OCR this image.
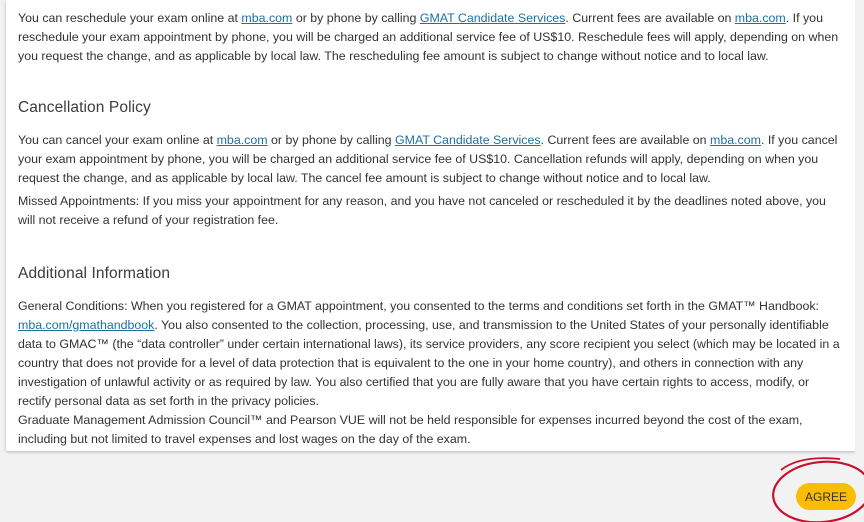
You can reschedule your exam online at mba.com or by phone by calling GMAT Candidate Services. Current fees are available on mba.com. If you reschedule your exam appointment by phone, you will be charged an additional service fee of US$10. Reschedule fees will apply, depending on when you request the change, and as applicable by local law. The rescheduling fee amount is subject to change without notice and to local law.

Cancellation Policy

You can cancel your exam online at mba.com or by phone by calling GMAT Candidate Services. Current fees are available on mba.com. If you cancel your exam appointment by phone, you will be charged an additional service fee of US$10. Cancellation refunds will apply, depending on when you request the change, and as applicable by local law. The cancel fee amount is subject to change without notice and to local law.

Missed Appointments: If you miss your appointment for any reason, and you have not canceled or rescheduled it by the deadlines noted above, you will not receive a refund of your registration fee.

Additional Information

General Conditions: When you registered for a GMAT appointment, you consented to the terms and conditions set forth in the GMAT™ Handbook: mba.com/gmathandbook. You also consented to the collection, processing, use, and transmission to the United States of your personally identifiable data to GMAC™ (the “data controller” under certain international laws), its service providers, any score recipient you select (which may be located in a country that does not provide for a level of data protection that is equivalent to the one in your home country), and others in connection with any investigation of unlawful activity or as required by law. You also certified that you are fully aware that you have certain rights to access, modify, or rectify personal data as set forth in the privacy policies.

Graduate Management Admission Council™ and Pearson VUE will not be held responsible for expenses incurred beyond the cost of the exam, including but not limited to travel expenses and lost wages on the day of the exam.

AGREE
